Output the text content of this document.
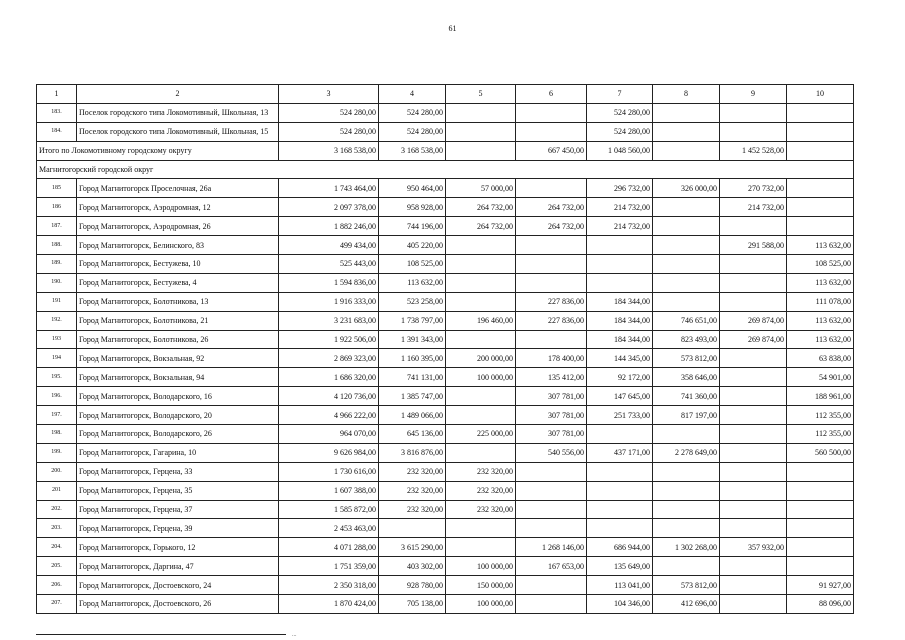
61
1	2	3	4	5	6	7	8	9	10
183.	Поселок городского типа Локомотивный, Школьная, 13	524 280,00	524 280,00			524 280,00			
184.	Поселок городского типа Локомотивный, Школьная, 15	524 280,00	524 280,00			524 280,00			
Итого по Локомотивному городскому округу		3 168 538,00	3 168 538,00		667 450,00	1 048 560,00		1 452 528,00	
Магнитогорский городской округ									
185	Город Магнитогорск Проселочная, 26а	1 743 464,00	950 464,00	57 000,00		296 732,00	326 000,00	270 732,00	
186	Город Магнитогорск, Аэродромная, 12	2 097 378,00	958 928,00	264 732,00	264 732,00	214 732,00		214 732,00	
187.	Город Магнитогорск, Аэродромная, 26	1 882 246,00	744 196,00	264 732,00	264 732,00	214 732,00			
188.	Город Магнитогорск, Белинского, 83	499 434,00	405 220,00					291 588,00	113 632,00
189.	Город Магнитогорск, Бестужева, 10	525 443,00	108 525,00						108 525,00
190.	Город Магнитогорск, Бестужева, 4	1 594 836,00	113 632,00						113 632,00
191	Город Магнитогорск, Болотникова, 13	1 916 333,00	523 258,00		227 836,00	184 344,00			111 078,00
192.	Город Магнитогорск, Болотникова, 21	3 231 683,00	1 738 797,00	196 460,00	227 836,00	184 344,00	746 651,00	269 874,00	113 632,00
193	Город Магнитогорск, Болотникова, 26	1 922 506,00	1 391 343,00			184 344,00	823 493,00	269 874,00	113 632,00
194	Город Магнитогорск, Вокзальная, 92	2 869 323,00	1 160 395,00	200 000,00	178 400,00	144 345,00	573 812,00		63 838,00
195.	Город Магнитогорск, Вокзальная, 94	1 686 320,00	741 131,00	100 000,00	135 412,00	92 172,00	358 646,00		54 901,00
196.	Город Магнитогорск, Володарского, 16	4 120 736,00	1 385 747,00		307 781,00	147 645,00	741 360,00		188 961,00
197.	Город Магнитогорск, Володарского, 20	4 966 222,00	1 489 066,00		307 781,00	251 733,00	817 197,00		112 355,00
198.	Город Магнитогорск, Володарского, 26	964 070,00	645 136,00	225 000,00	307 781,00				112 355,00
199.	Город Магнитогорск, Гагарина, 10	9 626 984,00	3 816 876,00		540 556,00	437 171,00	2 278 649,00		560 500,00
200.	Город Магнитогорск, Герцена, 33	1 730 616,00	232 320,00	232 320,00					
201	Город Магнитогорск, Герцена, 35	1 607 388,00	232 320,00	232 320,00					
202.	Город Магнитогорск, Герцена, 37	1 585 872,00	232 320,00	232 320,00					
203.	Город Магнитогорск, Герцена, 39	2 453 463,00							
204.	Город Магнитогорск, Горького, 12	4 071 288,00	3 615 290,00		1 268 146,00	686 944,00	1 302 268,00	357 932,00	
205.	Город Магнитогорск, Даргина, 47	1 751 359,00	403 302,00	100 000,00	167 653,00	135 649,00			
206.	Город Магнитогорск, Достоевского, 24	2 350 318,00	928 780,00	150 000,00		113 041,00	573 812,00		91 927,00
207.	Город Магнитогорск, Достоевского, 26	1 870 424,00	705 138,00	100 000,00		104 346,00	412 696,00		88 096,00
...
